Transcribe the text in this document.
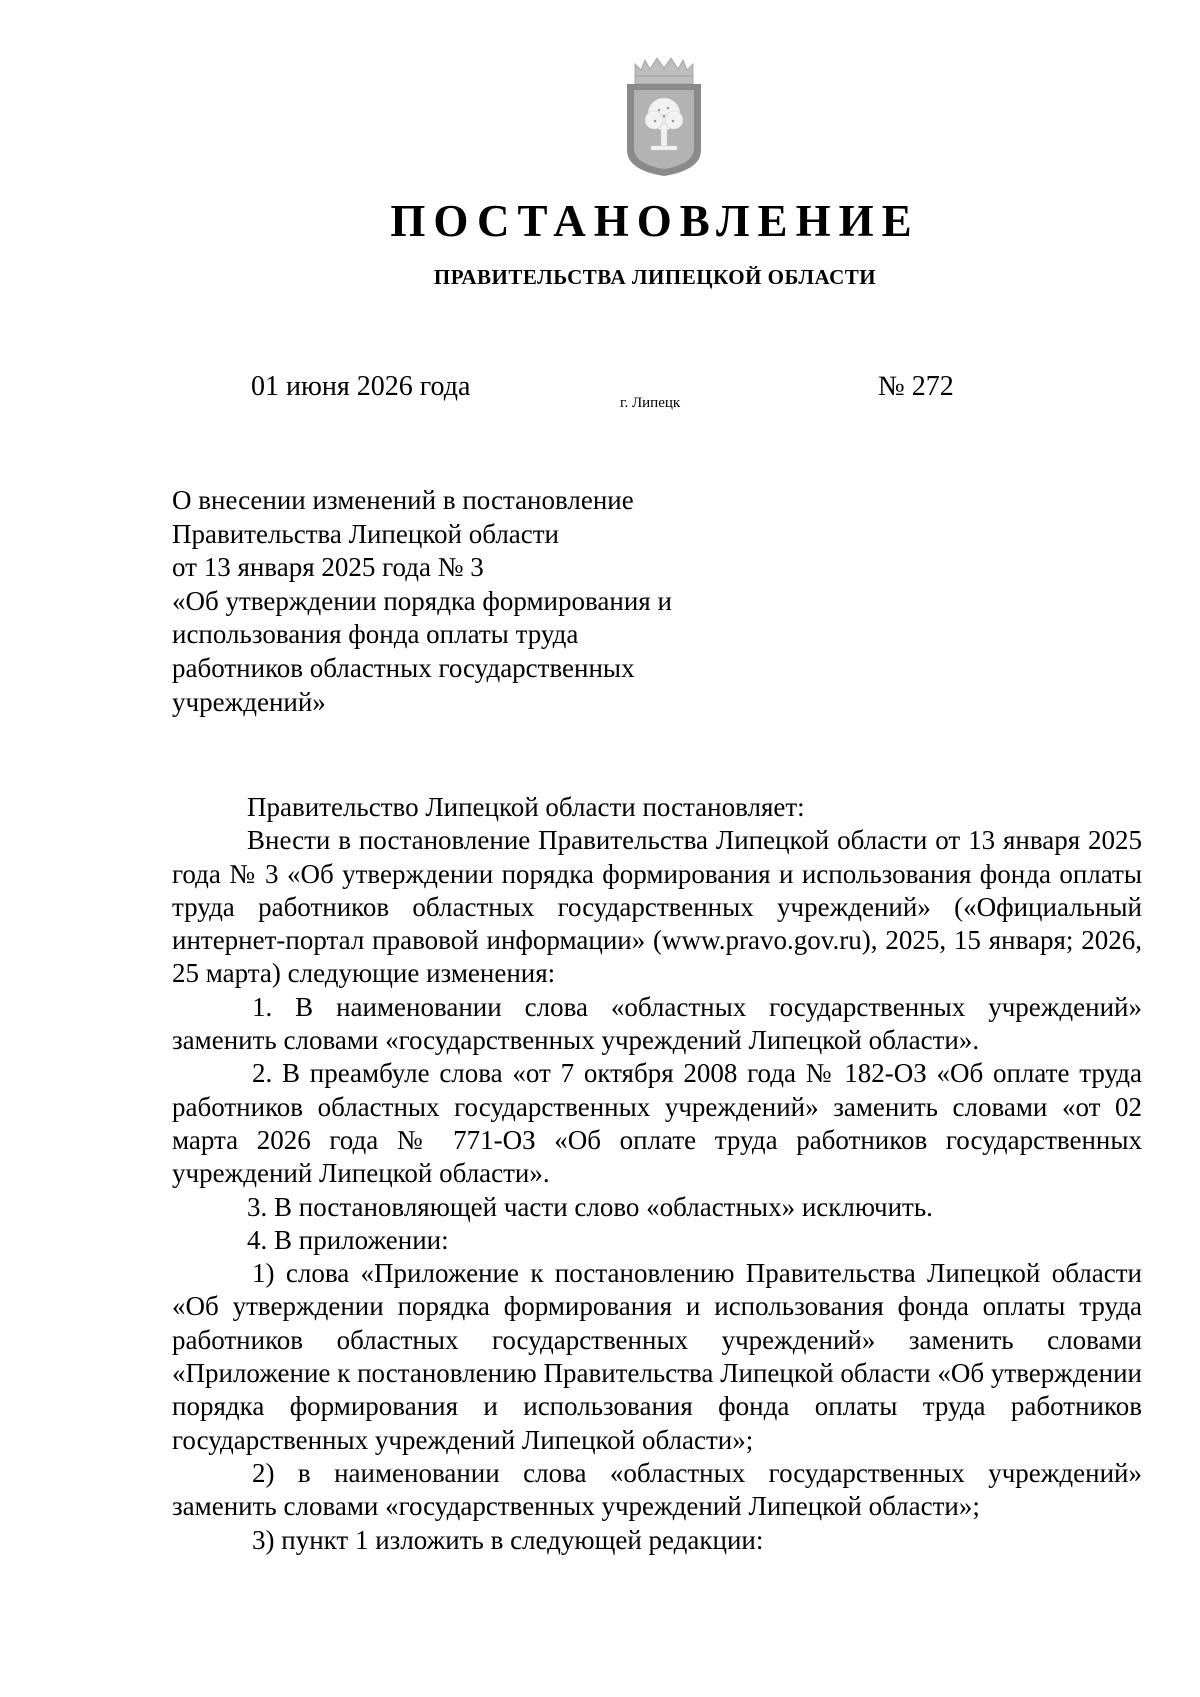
ПОСТАНОВЛЕНИЕ
ПРАВИТЕЛЬСТВА ЛИПЕЦКОЙ ОБЛАСТИ
01 июня 2026 года
г. Липецк
№ 272
О внесении изменений в постановление
Правительства Липецкой области
от 13 января 2025 года № 3
«Об утверждении порядка формирования и
использования фонда оплаты труда
работников областных государственных
учреждений»

Правительство Липецкой области постановляет:

Внести в постановление Правительства Липецкой области от 13 января 2025 года № 3 «Об утверждении порядка формирования и использования фонда оплаты труда работников областных государственных учреждений» («Официальный интернет-портал правовой информации» (www.pravo.gov.ru), 2025, 15 января; 2026, 25 марта) следующие изменения:

1. В наименовании слова «областных государственных учреждений» заменить словами «государственных учреждений Липецкой области».

2. В преамбуле слова «от 7 октября 2008 года № 182-ОЗ «Об оплате труда работников областных государственных учреждений» заменить словами «от 02 марта 2026 года № 771-ОЗ «Об оплате труда работников государственных учреждений Липецкой области».

3. В постановляющей части слово «областных» исключить.

4. В приложении:

1) слова «Приложение к постановлению Правительства Липецкой области «Об утверждении порядка формирования и использования фонда оплаты труда работников областных государственных учреждений» заменить словами «Приложение к постановлению Правительства Липецкой области «Об утверждении порядка формирования и использования фонда оплаты труда работников государственных учреждений Липецкой области»;

2) в наименовании слова «областных государственных учреждений» заменить словами «государственных учреждений Липецкой области»;

3) пункт 1 изложить в следующей редакции:
